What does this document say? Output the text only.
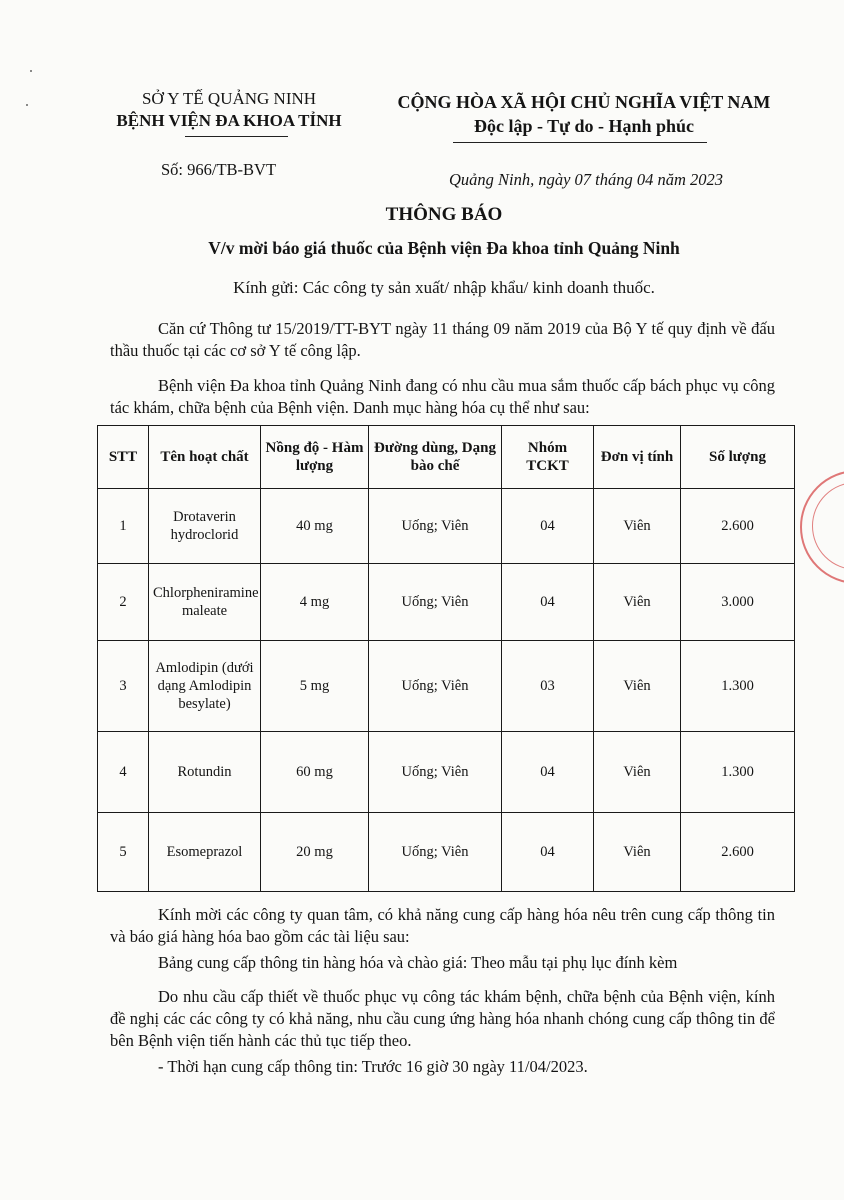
SỞ Y TẾ QUẢNG NINH
BỆNH VIỆN ĐA KHOA TỈNH
CỘNG HÒA XÃ HỘI CHỦ NGHĨA VIỆT NAM
Độc lập - Tự do - Hạnh phúc
Số: 966/TB-BVT
Quảng Ninh, ngày 07 tháng 04 năm 2023
THÔNG BÁO
V/v mời báo giá thuốc của Bệnh viện Đa khoa tỉnh Quảng Ninh
Kính gửi: Các công ty sản xuất/ nhập khẩu/ kinh doanh thuốc.
Căn cứ Thông tư 15/2019/TT-BYT ngày 11 tháng 09 năm 2019 của Bộ Y tế quy định về đấu thầu thuốc tại các cơ sở Y tế công lập.
Bệnh viện Đa khoa tỉnh Quảng Ninh đang có nhu cầu mua sắm thuốc cấp bách phục vụ công tác khám, chữa bệnh của Bệnh viện. Danh mục hàng hóa cụ thể như sau:
STT	Tên hoạt chất	Nồng độ - Hàm lượng	Đường dùng, Dạng bào chế	Nhóm TCKT	Đơn vị tính	Số lượng
1	Drotaverin hydroclorid	40 mg	Uống; Viên	04	Viên	2.600
2	Chlorpheniramine maleate	4 mg	Uống; Viên	04	Viên	3.000
3	Amlodipin (dưới dạng Amlodipin besylate)	5 mg	Uống; Viên	03	Viên	1.300
4	Rotundin	60 mg	Uống; Viên	04	Viên	1.300
5	Esomeprazol	20 mg	Uống; Viên	04	Viên	2.600
Kính mời các công ty quan tâm, có khả năng cung cấp hàng hóa nêu trên cung cấp thông tin và báo giá hàng hóa bao gồm các tài liệu sau:
Bảng cung cấp thông tin hàng hóa và chào giá: Theo mẫu tại phụ lục đính kèm
Do nhu cầu cấp thiết về thuốc phục vụ công tác khám bệnh, chữa bệnh của Bệnh viện, kính đề nghị các các công ty có khả năng, nhu cầu cung ứng hàng hóa nhanh chóng cung cấp thông tin để bên Bệnh viện tiến hành các thủ tục tiếp theo.
- Thời hạn cung cấp thông tin: Trước 16 giờ 30 ngày 11/04/2023.
